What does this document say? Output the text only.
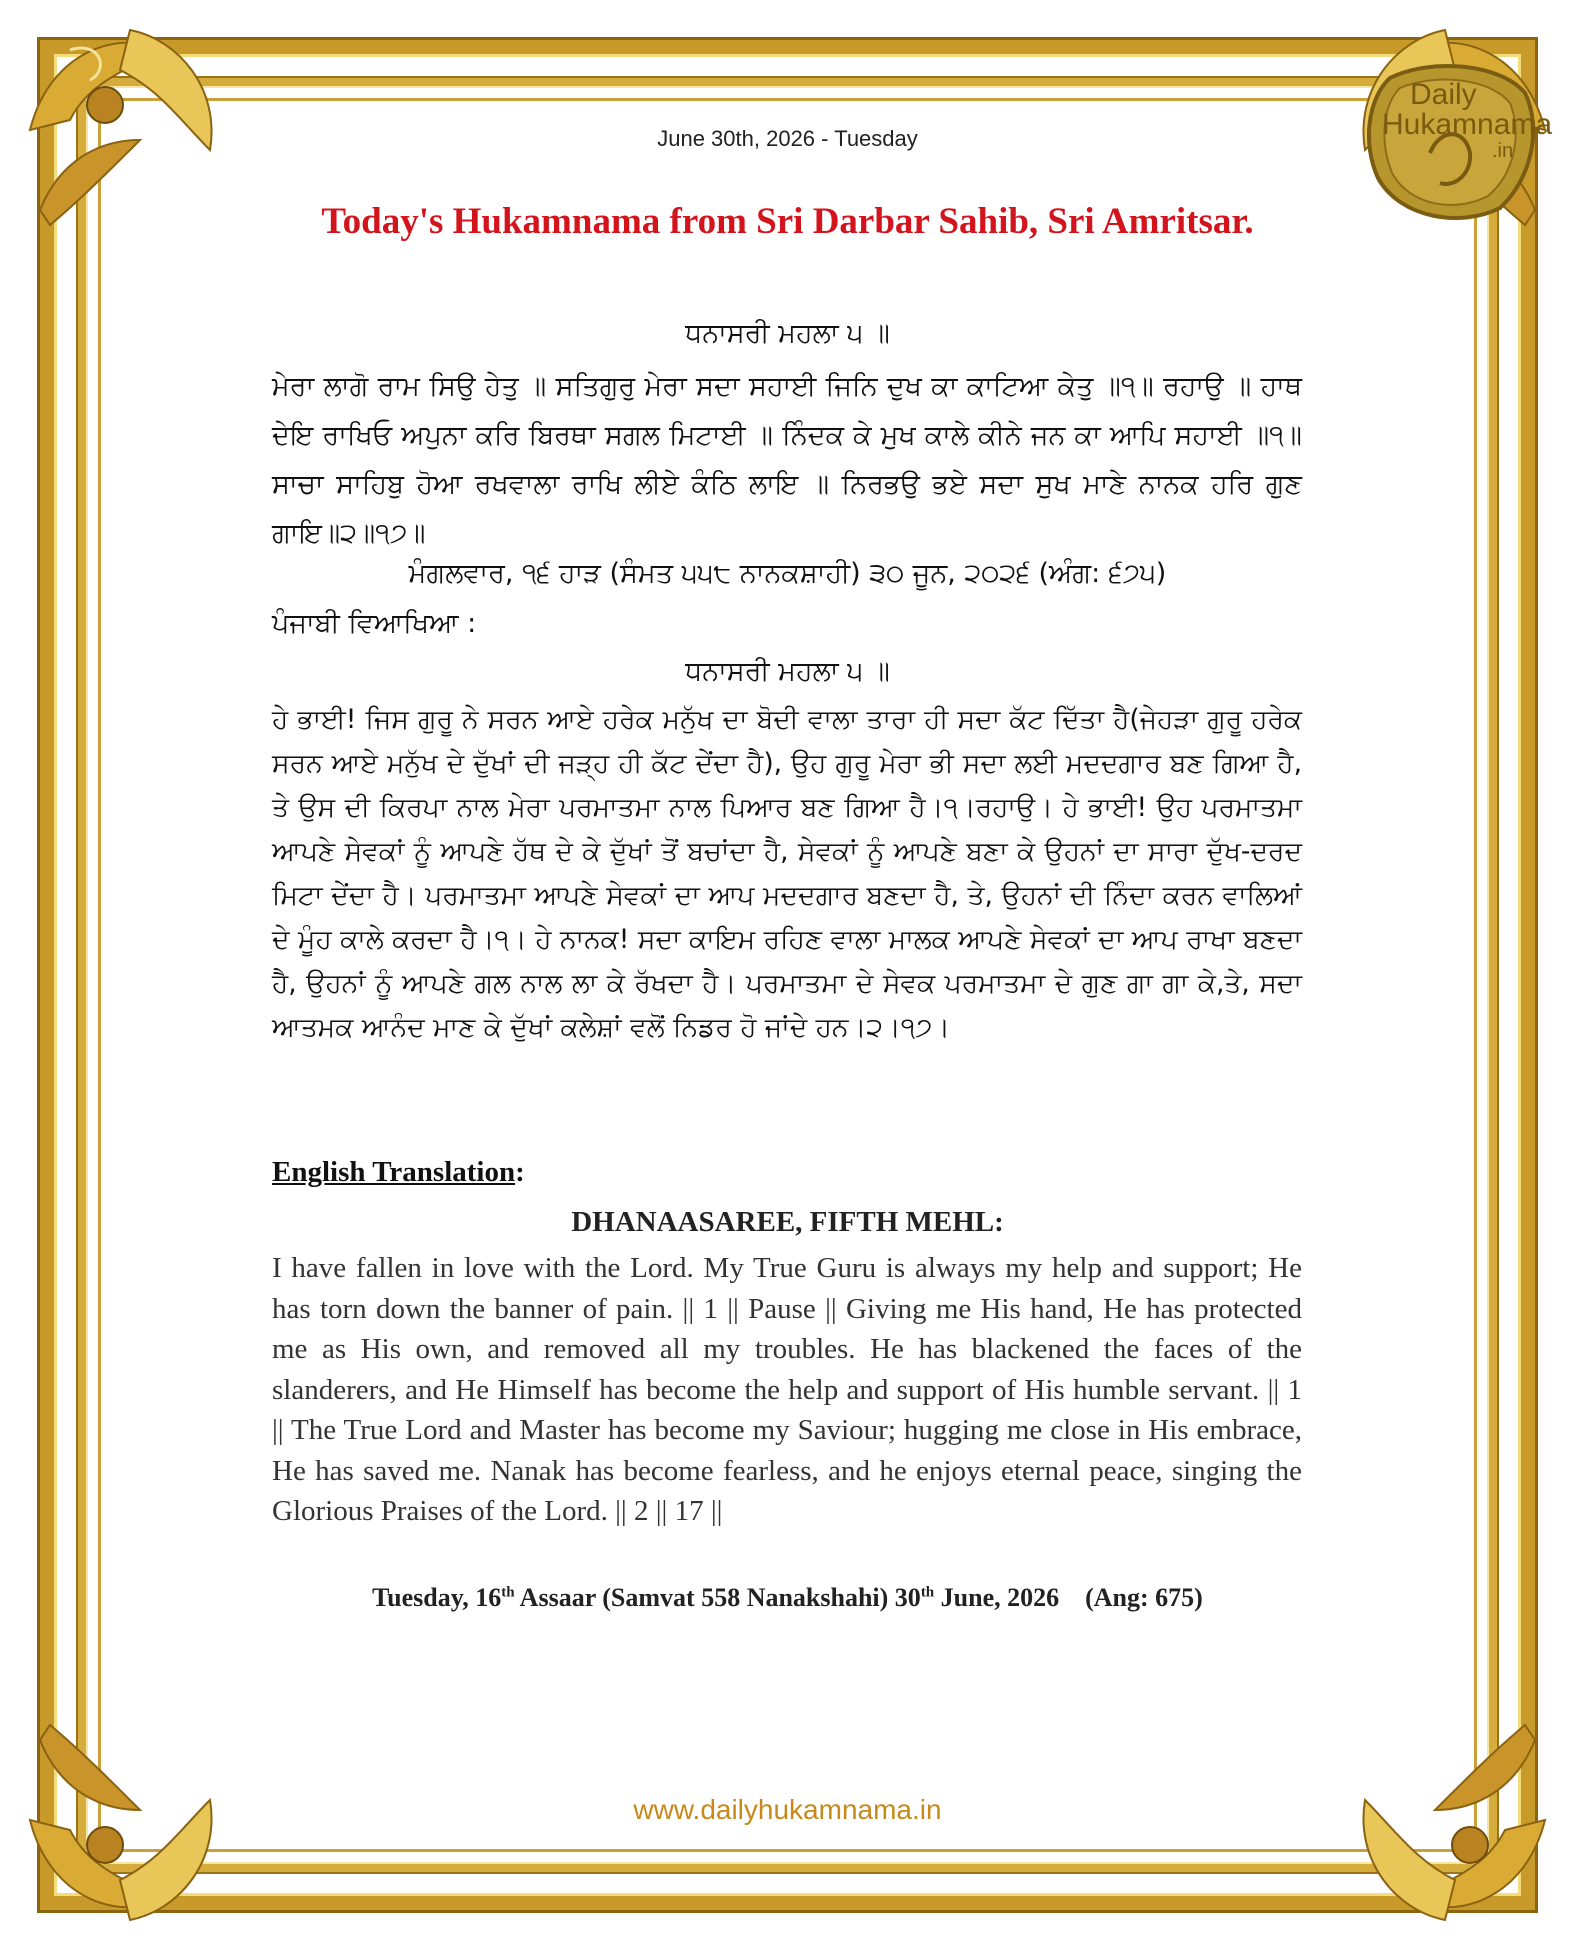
Daily
Hukamnama
.in
June 30th, 2026 - Tuesday
Today's Hukamnama from Sri Darbar Sahib, Sri Amritsar.
ਧਨਾਸਰੀ ਮਹਲਾ ੫ ॥
ਮੇਰਾ ਲਾਗੋ ਰਾਮ ਸਿਉ ਹੇਤੁ ॥ ਸਤਿਗੁਰੁ ਮੇਰਾ ਸਦਾ ਸਹਾਈ ਜਿਨਿ ਦੁਖ ਕਾ ਕਾਟਿਆ ਕੇਤੁ ॥੧॥ ਰਹਾਉ ॥ ਹਾਥ ਦੇਇ ਰਾਖਿਓ ਅਪੁਨਾ ਕਰਿ ਬਿਰਥਾ ਸਗਲ ਮਿਟਾਈ ॥ ਨਿੰਦਕ ਕੇ ਮੁਖ ਕਾਲੇ ਕੀਨੇ ਜਨ ਕਾ ਆਪਿ ਸਹਾਈ ॥੧॥ ਸਾਚਾ ਸਾਹਿਬੁ ਹੋਆ ਰਖਵਾਲਾ ਰਾਖਿ ਲੀਏ ਕੰਠਿ ਲਾਇ ॥ ਨਿਰਭਉ ਭਏ ਸਦਾ ਸੁਖ ਮਾਣੇ ਨਾਨਕ ਹਰਿ ਗੁਣ ਗਾਇ॥੨॥੧੭॥
ਮੰਗਲਵਾਰ, ੧੬ ਹਾੜ (ਸੰਮਤ ੫੫੮ ਨਾਨਕਸ਼ਾਹੀ) ੩੦ ਜੂਨ, ੨੦੨੬ (ਅੰਗ: ੬੭੫)
ਪੰਜਾਬੀ ਵਿਆਖਿਆ :
ਧਨਾਸਰੀ ਮਹਲਾ ੫ ॥
ਹੇ ਭਾਈ! ਜਿਸ ਗੁਰੂ ਨੇ ਸਰਨ ਆਏ ਹਰੇਕ ਮਨੁੱਖ ਦਾ ਬੋਦੀ ਵਾਲਾ ਤਾਰਾ ਹੀ ਸਦਾ ਕੱਟ ਦਿੱਤਾ ਹੈ(ਜੇਹੜਾ ਗੁਰੂ ਹਰੇਕ ਸਰਨ ਆਏ ਮਨੁੱਖ ਦੇ ਦੁੱਖਾਂ ਦੀ ਜੜ੍ਹ ਹੀ ਕੱਟ ਦੇਂਦਾ ਹੈ), ਉਹ ਗੁਰੂ ਮੇਰਾ ਭੀ ਸਦਾ ਲਈ ਮਦਦਗਾਰ ਬਣ ਗਿਆ ਹੈ, ਤੇ ਉਸ ਦੀ ਕਿਰਪਾ ਨਾਲ ਮੇਰਾ ਪਰਮਾਤਮਾ ਨਾਲ ਪਿਆਰ ਬਣ ਗਿਆ ਹੈ।੧।ਰਹਾਉ। ਹੇ ਭਾਈ! ਉਹ ਪਰਮਾਤਮਾ ਆਪਣੇ ਸੇਵਕਾਂ ਨੂੰ ਆਪਣੇ ਹੱਥ ਦੇ ਕੇ ਦੁੱਖਾਂ ਤੋਂ ਬਚਾਂਦਾ ਹੈ, ਸੇਵਕਾਂ ਨੂੰ ਆਪਣੇ ਬਣਾ ਕੇ ਉਹਨਾਂ ਦਾ ਸਾਰਾ ਦੁੱਖ-ਦਰਦ ਮਿਟਾ ਦੇਂਦਾ ਹੈ। ਪਰਮਾਤਮਾ ਆਪਣੇ ਸੇਵਕਾਂ ਦਾ ਆਪ ਮਦਦਗਾਰ ਬਣਦਾ ਹੈ, ਤੇ, ਉਹਨਾਂ ਦੀ ਨਿੰਦਾ ਕਰਨ ਵਾਲਿਆਂ ਦੇ ਮੂੰਹ ਕਾਲੇ ਕਰਦਾ ਹੈ।੧। ਹੇ ਨਾਨਕ! ਸਦਾ ਕਾਇਮ ਰਹਿਣ ਵਾਲਾ ਮਾਲਕ ਆਪਣੇ ਸੇਵਕਾਂ ਦਾ ਆਪ ਰਾਖਾ ਬਣਦਾ ਹੈ, ਉਹਨਾਂ ਨੂੰ ਆਪਣੇ ਗਲ ਨਾਲ ਲਾ ਕੇ ਰੱਖਦਾ ਹੈ। ਪਰਮਾਤਮਾ ਦੇ ਸੇਵਕ ਪਰਮਾਤਮਾ ਦੇ ਗੁਣ ਗਾ ਗਾ ਕੇ,ਤੇ, ਸਦਾ ਆਤਮਕ ਆਨੰਦ ਮਾਣ ਕੇ ਦੁੱਖਾਂ ਕਲੇਸ਼ਾਂ ਵਲੋਂ ਨਿਡਰ ਹੋ ਜਾਂਦੇ ਹਨ।੨।੧੭।
English Translation:
DHANAASAREE, FIFTH MEHL:
I have fallen in love with the Lord. My True Guru is always my help and support; He has torn down the banner of pain. || 1 || Pause || Giving me His hand, He has protected me as His own, and removed all my troubles. He has blackened the faces of the slanderers, and He Himself has become the help and support of His humble servant. || 1 || The True Lord and Master has become my Saviour; hugging me close in His embrace, He has saved me. Nanak has become fearless, and he enjoys eternal peace, singing the Glorious Praises of the Lord. || 2 || 17 ||
Tuesday, 16th Assaar (Samvat 558 Nanakshahi) 30th June, 2026    (Ang: 675)
www.dailyhukamnama.in
